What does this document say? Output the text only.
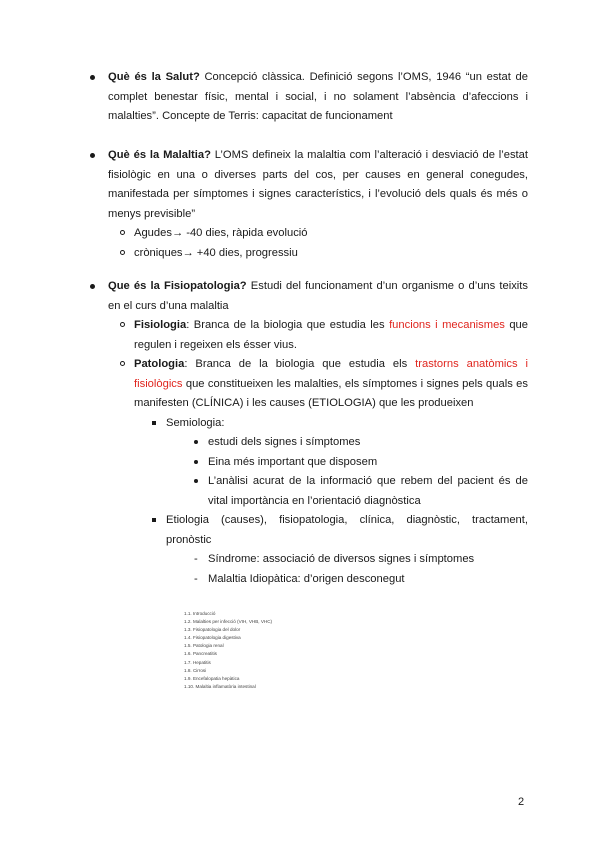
Què és la Salut? Concepció clàssica. Definició segons l’OMS, 1946 “un estat de complet benestar físic, mental i social, i no solament l’absència d’afeccions i malalties”. Concepte de Terris: capacitat de funcionament
Què és la Malaltia? L’OMS defineix la malaltia com l’alteració i desviació de l’estat fisiològic en una o diverses parts del cos, per causes en general conegudes, manifestada per símptomes i signes característics, i l’evolució dels quals és més o menys previsible”
Agudes→ -40 dies, ràpida evolució
cròniques→ +40 dies, progressiu
Que és la Fisiopatologia? Estudi del funcionament d’un organisme o d’uns teixits en el curs d’una malaltia
Fisiologia: Branca de la biologia que estudia les funcions i mecanismes que regulen i regeixen els ésser vius.
Patologia: Branca de la biologia que estudia els trastorns anatòmics i fisiològics que constitueixen les malalties, els símptomes i signes pels quals es manifesten (CLÍNICA) i les causes (ETIOLOGIA) que les produeixen
Semiologia:
estudi dels signes i símptomes
Eina més important que disposem
L’anàlisi acurat de la informació que rebem del pacient és de vital importància en l’orientació diagnòstica
Etiologia (causes), fisiopatologia, clínica, diagnòstic, tractament, pronòstic
- Síndrome: associació de diversos signes i símptomes
- Malaltia Idiopàtica: d’origen desconegut
1.1. Introducció
1.2. Malalties per infecció (VIH, VHB, VHC)
1.3. Fisiopatologia del dolor
1.4. Fisiopatologia digestiva
1.5. Patologia renal
1.6. Pancreatitis
1.7. Hepatitis
1.8. Cirrosi
1.9. Encefalopatia hepàtica
1.10. Malaltia inflamatòria intestinal
2
